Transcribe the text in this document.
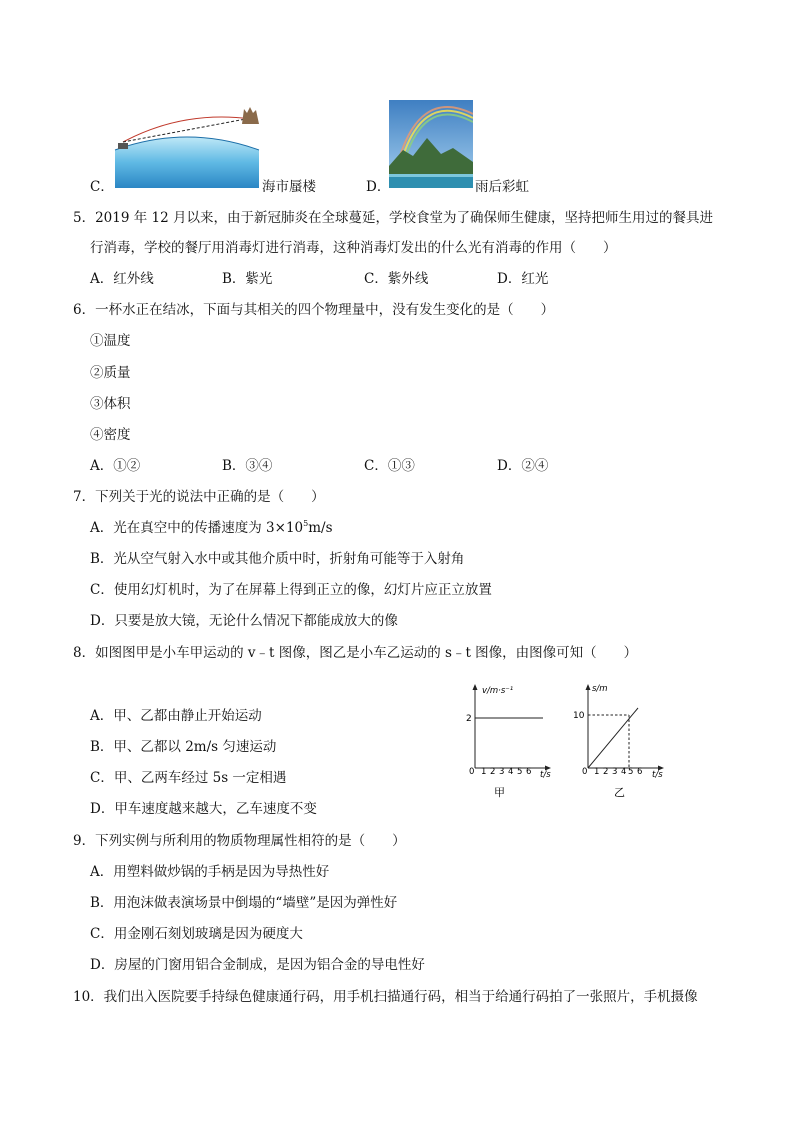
C．	海市蜃楼	D．	雨后彩虹
5．2019 年 12 月以来，由于新冠肺炎在全球蔓延，学校食堂为了确保师生健康，坚持把师生用过的餐具进
行消毒，学校的餐厅用消毒灯进行消毒，这种消毒灯发出的什么光有消毒的作用（　　）
A．红外线	B．紫光	C．紫外线	D．红光
6．一杯水正在结冰，下面与其相关的四个物理量中，没有发生变化的是（　　）
①温度
②质量
③体积
④密度
A．①②	B．③④	C．①③	D．②④
7．下列关于光的说法中正确的是（　　）
A．光在真空中的传播速度为 $3\times 10^5m/s$
B．光从空气射入水中或其他介质中时，折射角可能等于入射角
C．使用幻灯机时，为了在屏幕上得到正立的像，幻灯片应正立放置
D．只要是放大镜，无论什么情况下都能成放大的像
8．如图图甲是小车甲运动的 v﹣t 图像，图乙是小车乙运动的 s﹣t 图像，由图像可知（　　）
A．甲、乙都由静止开始运动
B．甲、乙都以 2m/s 匀速运动
C．甲、乙两车经过 5s 一定相遇
D．甲车速度越来越大，乙车速度不变
v/m·s⁻¹
2
0 1 2 3 4 5 6 t/s
甲
s/m
10
0 1 2 3 4 5 6 t/s
乙
9．下列实例与所利用的物质物理属性相符的是（　　）
A．用塑料做炒锅的手柄是因为导热性好
B．用泡沫做表演场景中倒塌的“墙壁”是因为弹性好
C．用金刚石刻划玻璃是因为硬度大
D．房屋的门窗用铝合金制成，是因为铝合金的导电性好
10．我们出入医院要手持绿色健康通行码，用手机扫描通行码，相当于给通行码拍了一张照片，手机摄像
